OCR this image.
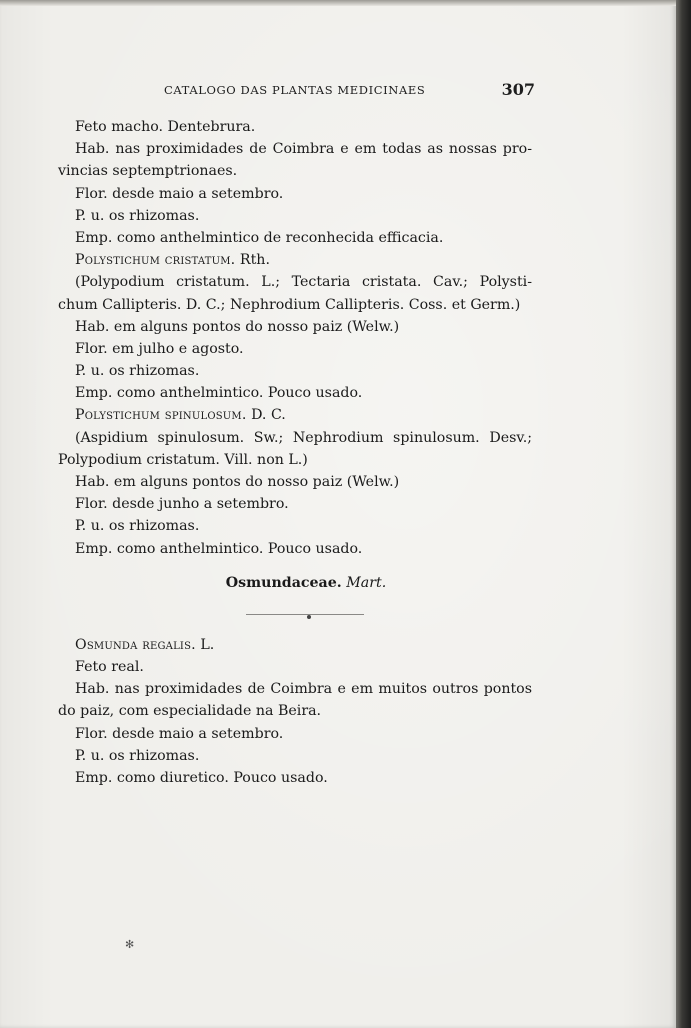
CATALOGO DAS PLANTAS MEDICINAES	307
Feto macho. Dentebrura.
Hab. nas proximidades de Coimbra e em todas as nossas pro-
vincias septemptrionaes.
Flor. desde maio a setembro.
P. u. os rhizomas.
Emp. como anthelmintico de reconhecida efficacia.
Polystichum cristatum. Rth.
(Polypodium cristatum. L.; Tectaria cristata. Cav.; Polysti-
chum Callipteris. D. C.; Nephrodium Callipteris. Coss. et Germ.)
Hab. em alguns pontos do nosso paiz (Welw.)
Flor. em julho e agosto.
P. u. os rhizomas.
Emp. como anthelmintico. Pouco usado.
Polystichum spinulosum. D. C.
(Aspidium spinulosum. Sw.; Nephrodium spinulosum. Desv.;
Polypodium cristatum. Vill. non L.)
Hab. em alguns pontos do nosso paiz (Welw.)
Flor. desde junho a setembro.
P. u. os rhizomas.
Emp. como anthelmintico. Pouco usado.
Osmundaceae. Mart.
Osmunda regalis. L.
Feto real.
Hab. nas proximidades de Coimbra e em muitos outros pontos
do paiz, com especialidade na Beira.
Flor. desde maio a setembro.
P. u. os rhizomas.
Emp. como diuretico. Pouco usado.
✻
